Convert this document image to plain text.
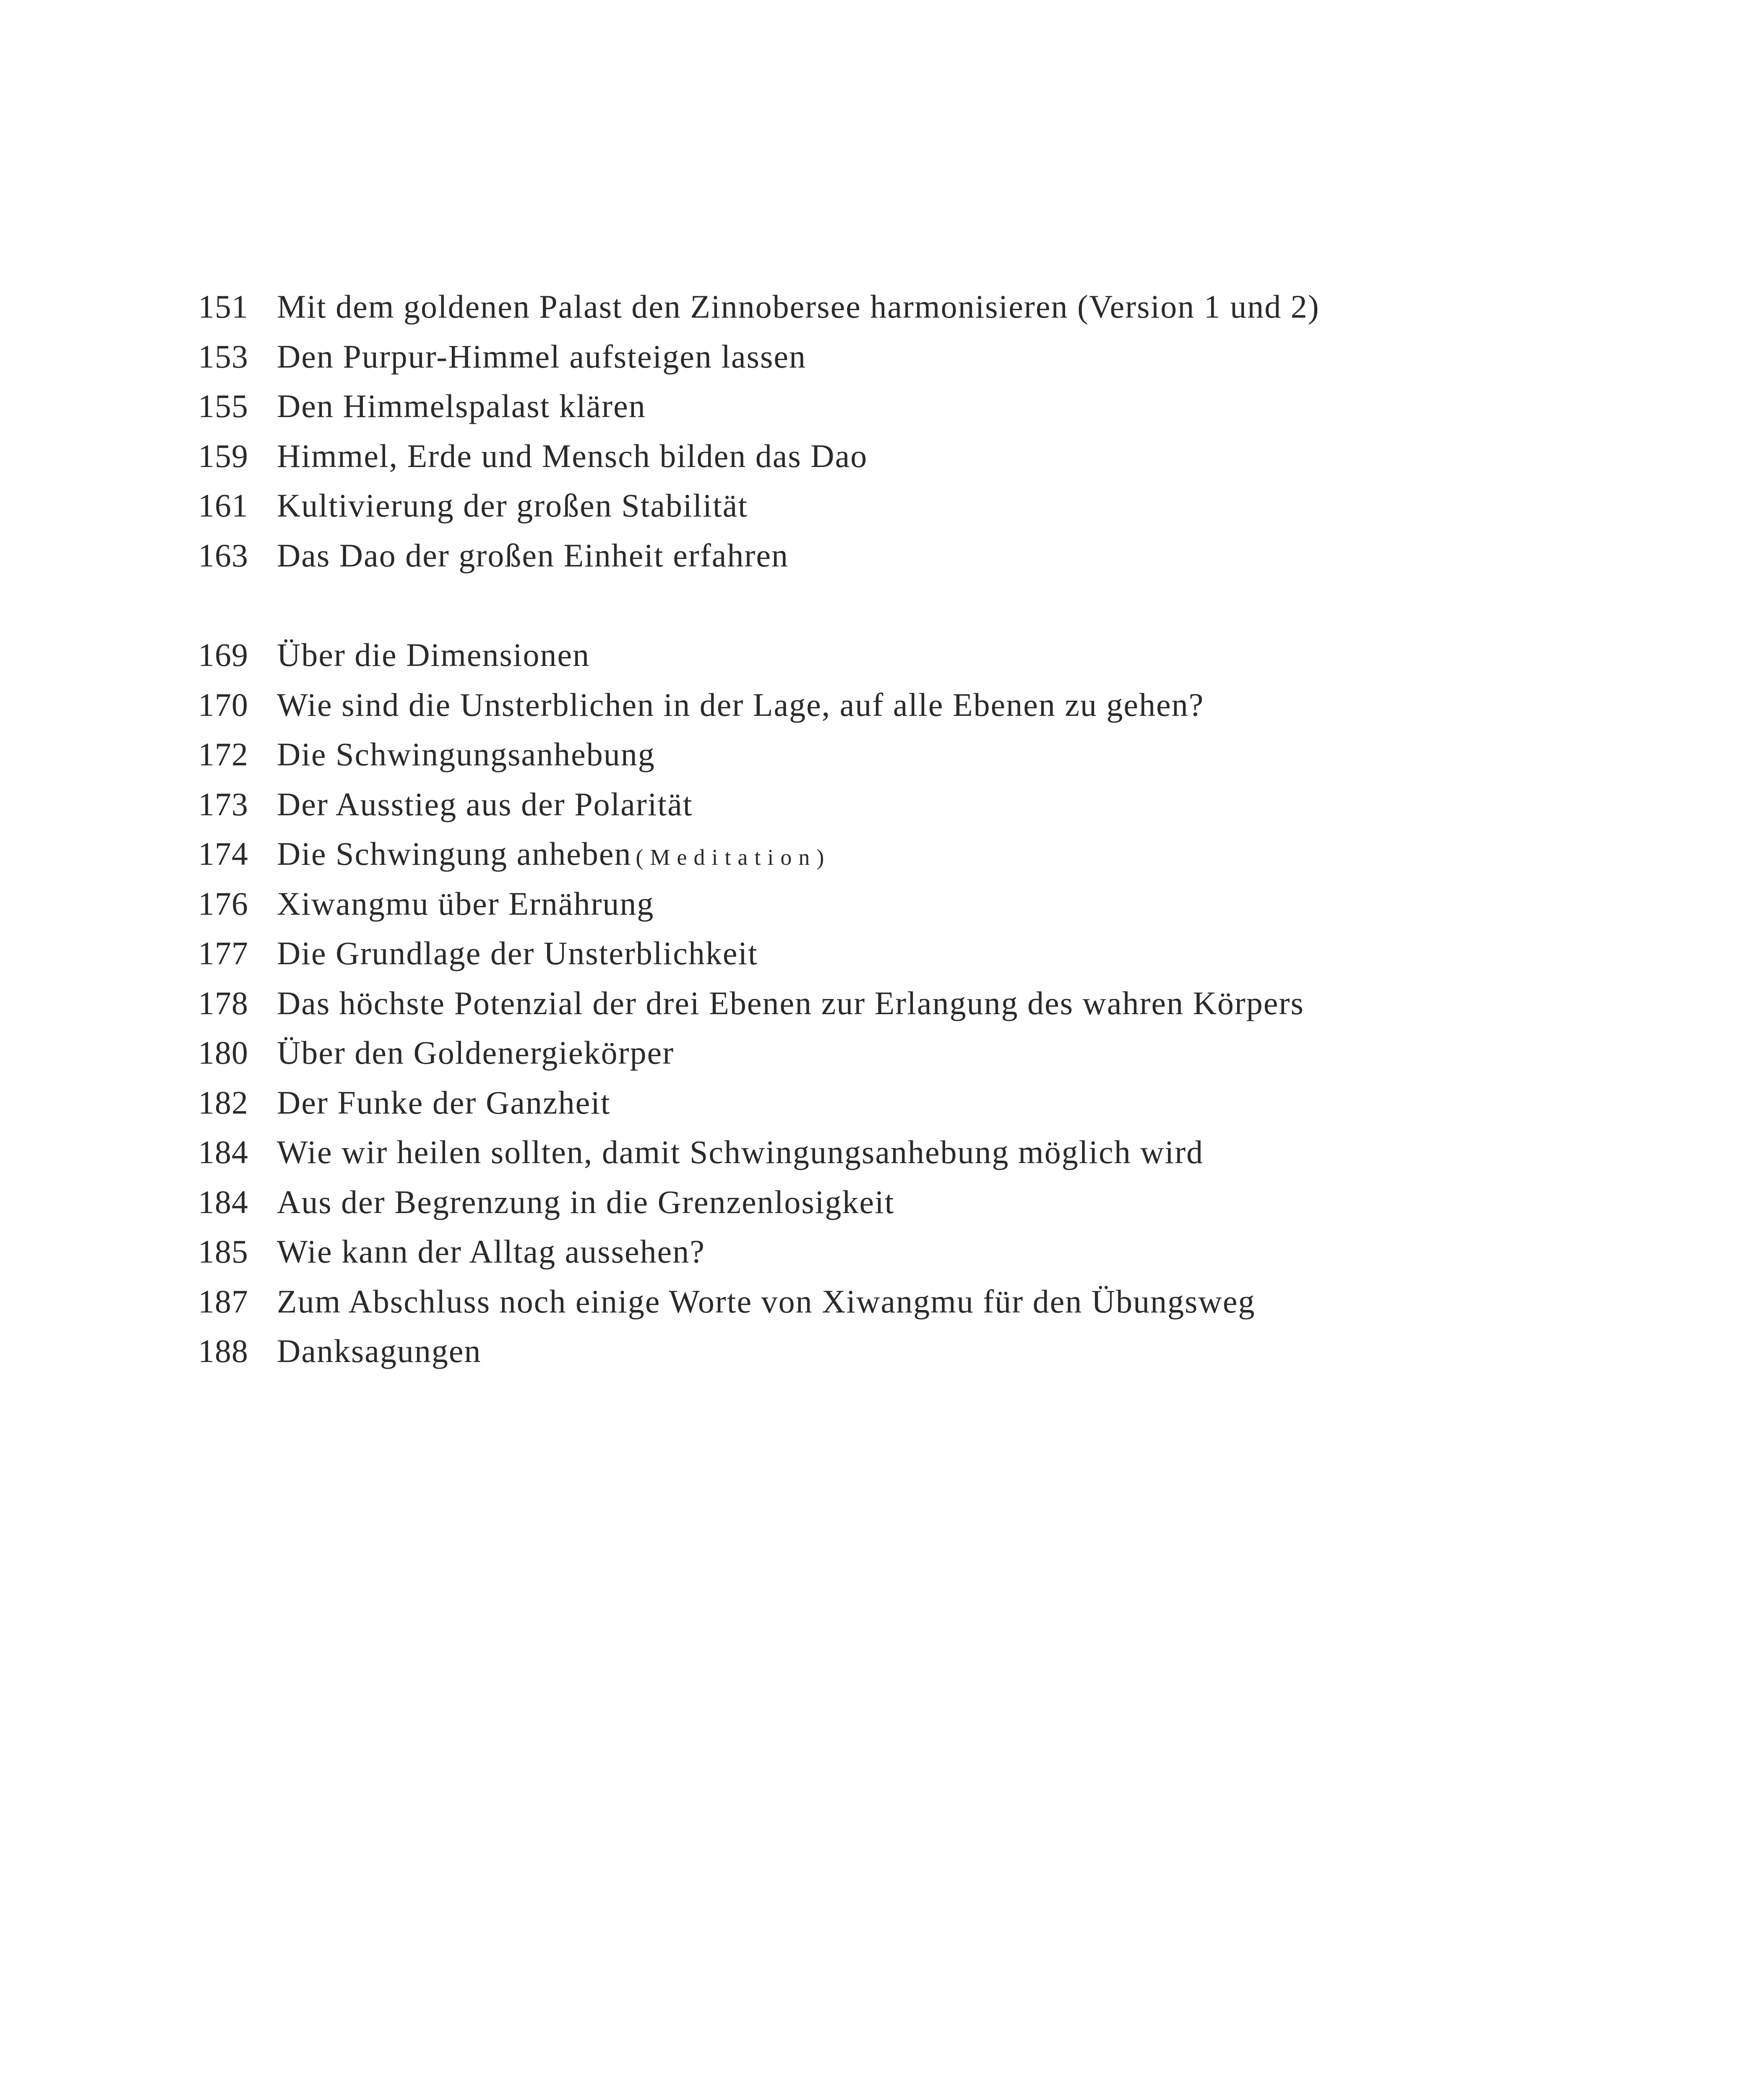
151 Mit dem goldenen Palast den Zinnobersee harmonisieren (Version 1 und 2)
153 Den Purpur-Himmel aufsteigen lassen
155 Den Himmelspalast klären
159 Himmel, Erde und Mensch bilden das Dao
161 Kultivierung der großen Stabilität
163 Das Dao der großen Einheit erfahren
169 Über die Dimensionen
170 Wie sind die Unsterblichen in der Lage, auf alle Ebenen zu gehen?
172 Die Schwingungsanhebung
173 Der Ausstieg aus der Polarität
174 Die Schwingung anheben (Meditation)
176 Xiwangmu über Ernährung
177 Die Grundlage der Unsterblichkeit
178 Das höchste Potenzial der drei Ebenen zur Erlangung des wahren Körpers
180 Über den Goldenergiekörper
182 Der Funke der Ganzheit
184 Wie wir heilen sollten, damit Schwingungsanhebung möglich wird
184 Aus der Begrenzung in die Grenzenlosigkeit
185 Wie kann der Alltag aussehen?
187 Zum Abschluss noch einige Worte von Xiwangmu für den Übungsweg
188 Danksagungen
